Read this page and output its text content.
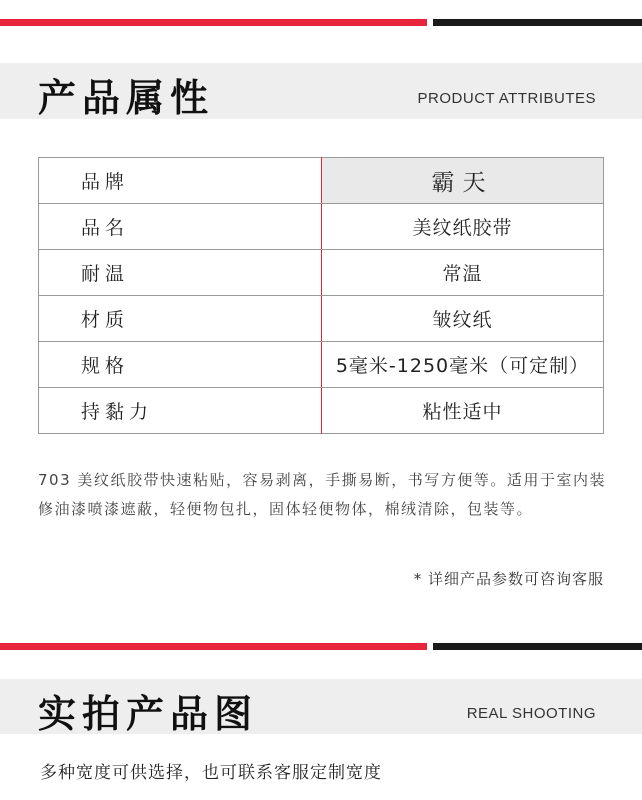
产品属性	PRODUCT ATTRIBUTES
品牌	霸天
品名	美纹纸胶带
耐温	常温
材质	皱纹纸
规格	5毫米-1250毫米（可定制）
持黏力	粘性适中
703 美纹纸胶带快速粘贴，容易剥离，手撕易断，书写方便等。适用于室内装修油漆喷漆遮蔽，轻便物包扎，固体轻便物体，棉绒清除，包装等。
* 详细产品参数可咨询客服
实拍产品图	REAL SHOOTING
多种宽度可供选择，也可联系客服定制宽度
